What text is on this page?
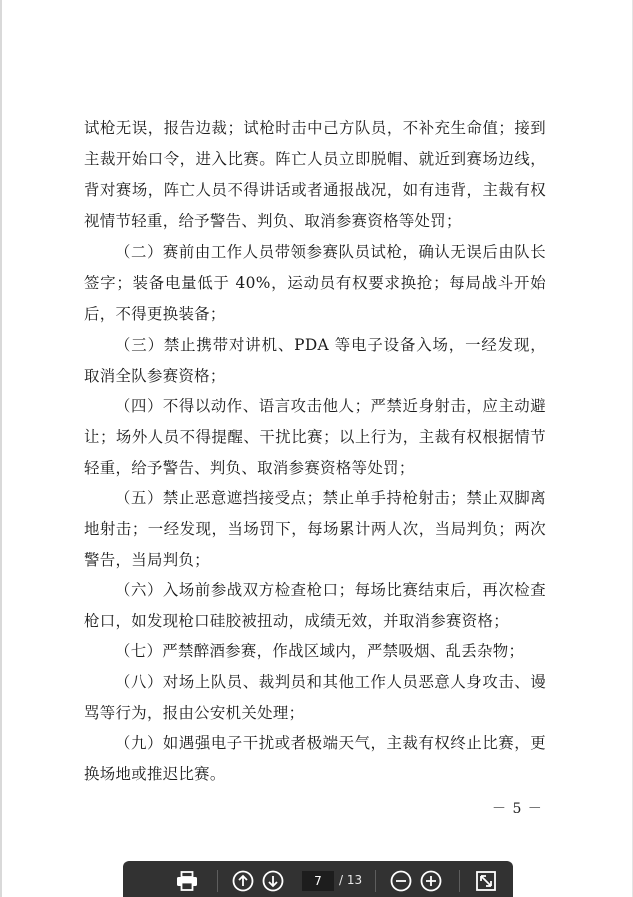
试枪无误，报告边裁；试枪时击中己方队员，不补充生命值；接到主裁开始口令，进入比赛。阵亡人员立即脱帽、就近到赛场边线，背对赛场，阵亡人员不得讲话或者通报战况，如有违背，主裁有权视情节轻重，给予警告、判负、取消参赛资格等处罚；

（二）赛前由工作人员带领参赛队员试枪，确认无误后由队长签字；装备电量低于 40%，运动员有权要求换抢；每局战斗开始后，不得更换装备；

（三）禁止携带对讲机、PDA 等电子设备入场，一经发现，取消全队参赛资格；

（四）不得以动作、语言攻击他人；严禁近身射击，应主动避让；场外人员不得提醒、干扰比赛；以上行为，主裁有权根据情节轻重，给予警告、判负、取消参赛资格等处罚；

（五）禁止恶意遮挡接受点；禁止单手持枪射击；禁止双脚离地射击；一经发现，当场罚下，每场累计两人次，当局判负；两次警告，当局判负；

（六）入场前参战双方检查枪口；每场比赛结束后，再次检查枪口，如发现枪口硅胶被扭动，成绩无效，并取消参赛资格；

（七）严禁醉酒参赛，作战区域内，严禁吸烟、乱丢杂物；

（八）对场上队员、裁判员和其他工作人员恶意人身攻击、谩骂等行为，报由公安机关处理；

（九）如遇强电子干扰或者极端天气，主裁有权终止比赛，更换场地或推迟比赛。

－ 5 －
7
/ 13
